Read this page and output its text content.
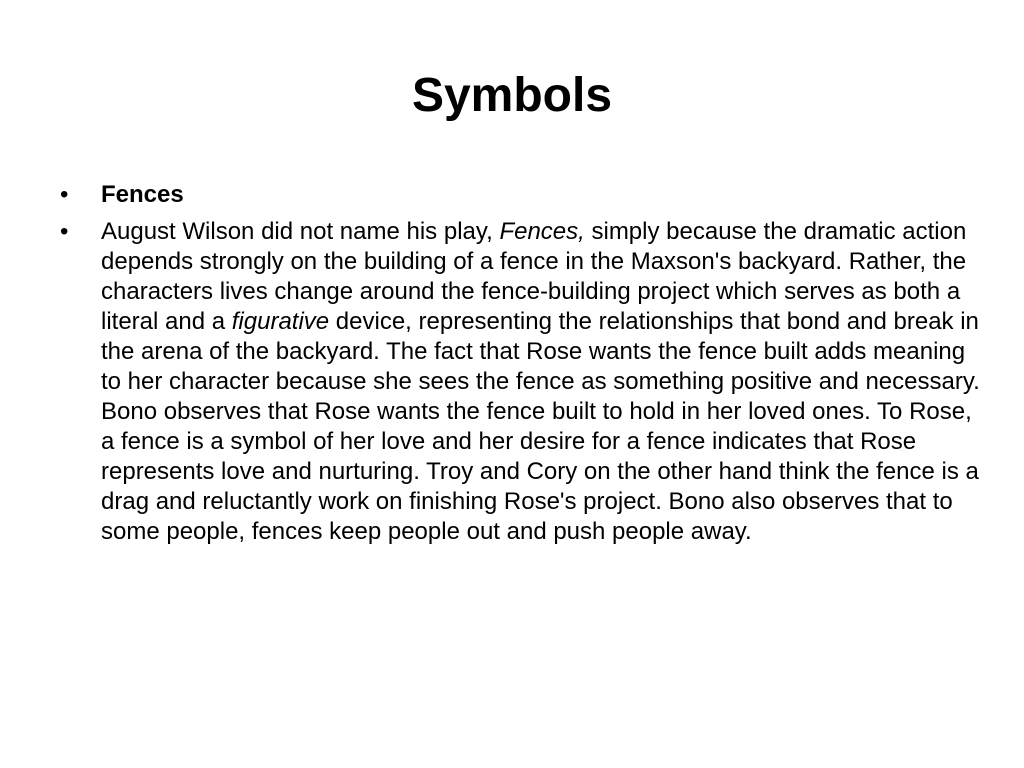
Symbols
•	Fences
•	August Wilson did not name his play, Fences, simply because the dramatic action depends strongly on the building of a fence in the Maxson's backyard. Rather, the characters lives change around the fence-building project which serves as both a literal and a figurative device, representing the relationships that bond and break in the arena of the backyard. The fact that Rose wants the fence built adds meaning to her character because she sees the fence as something positive and necessary. Bono observes that Rose wants the fence built to hold in her loved ones. To Rose, a fence is a symbol of her love and her desire for a fence indicates that Rose represents love and nurturing. Troy and Cory on the other hand think the fence is a drag and reluctantly work on finishing Rose's project. Bono also observes that to some people, fences keep people out and push people away.
